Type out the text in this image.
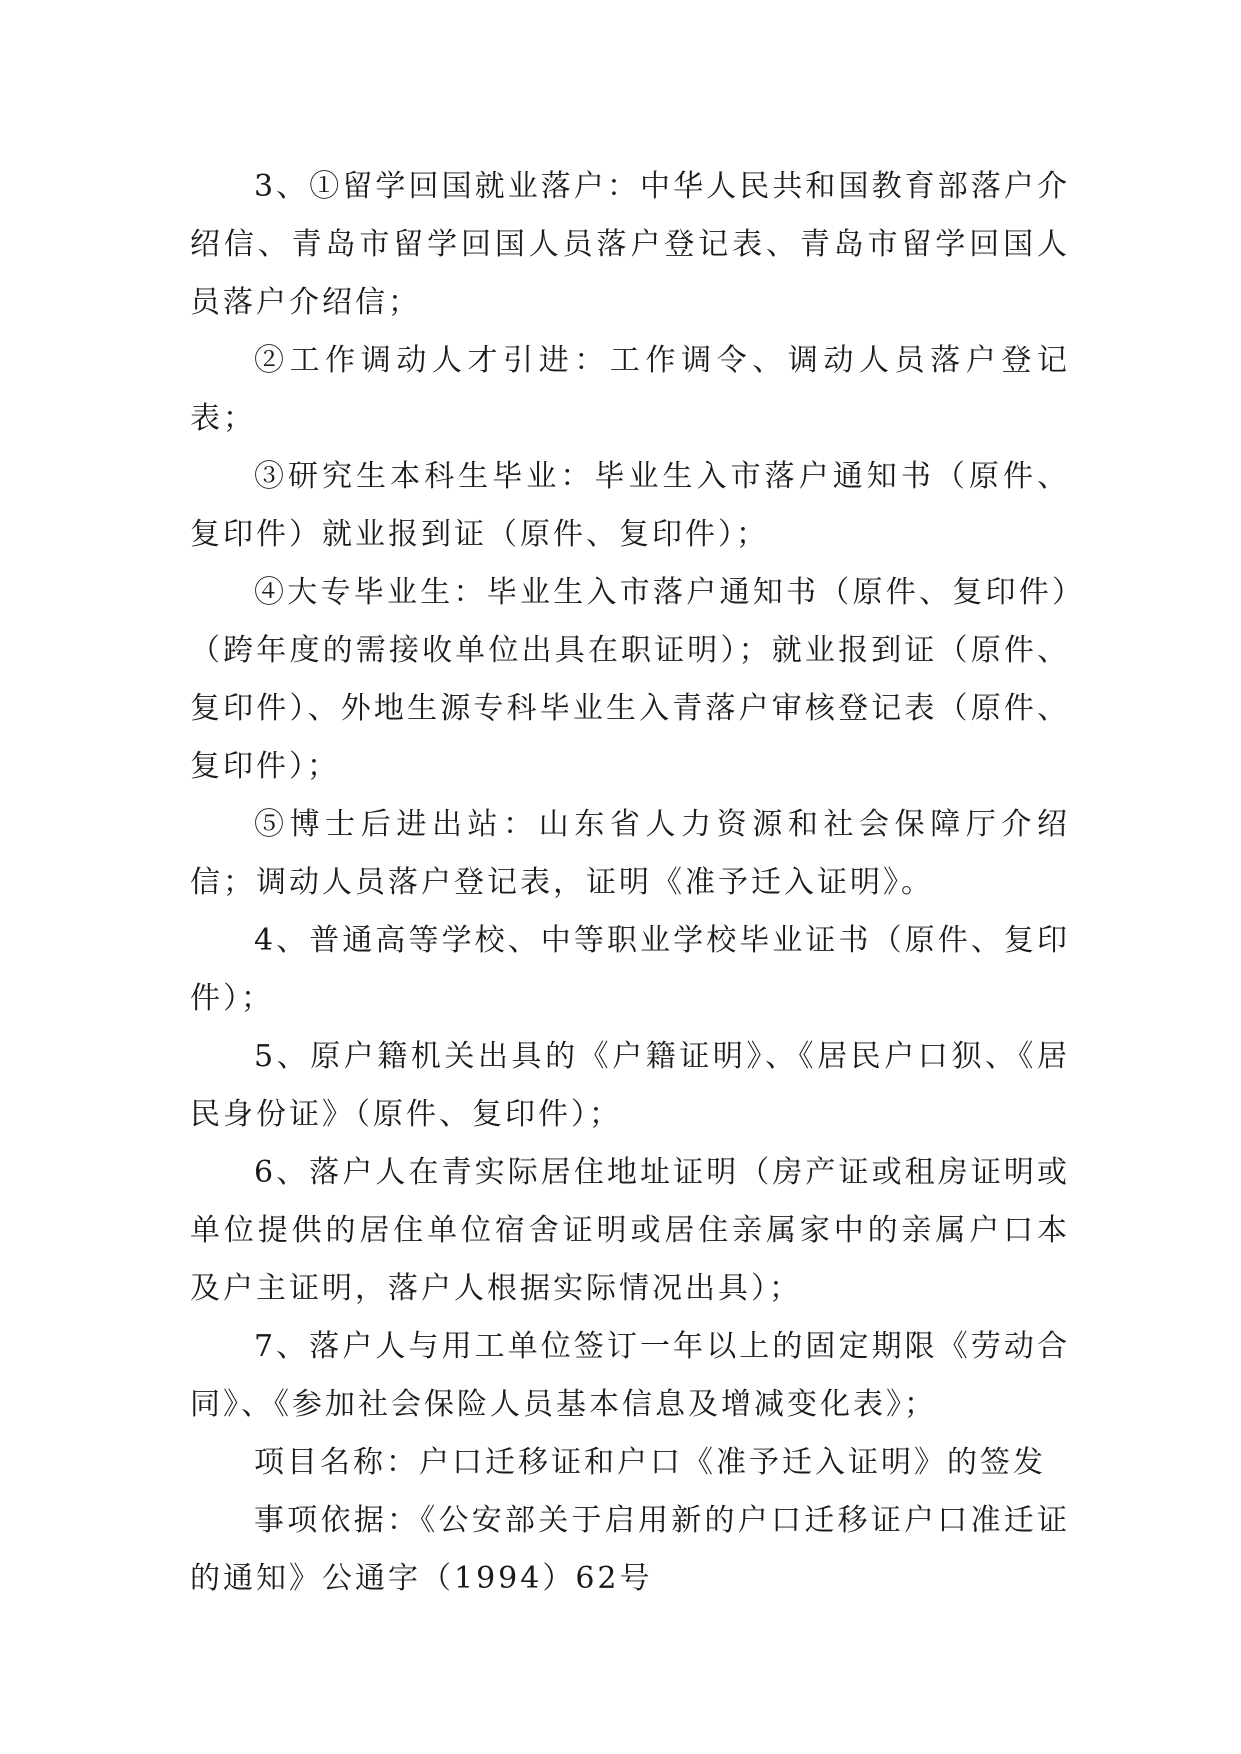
3、①留学回国就业落户：中华人民共和国教育部落户介绍信、青岛市留学回国人员落户登记表、青岛市留学回国人员落户介绍信；

②工作调动人才引进：工作调令、调动人员落户登记表；

③研究生本科生毕业：毕业生入市落户通知书（原件、复印件）就业报到证（原件、复印件）；

④大专毕业生：毕业生入市落户通知书（原件、复印件）（跨年度的需接收单位出具在职证明）；就业报到证（原件、复印件）、外地生源专科毕业生入青落户审核登记表（原件、复印件）；

⑤博士后进出站：山东省人力资源和社会保障厅介绍信；调动人员落户登记表，证明《准予迁入证明》。

4、普通高等学校、中等职业学校毕业证书（原件、复印件）；

5、原户籍机关出具的《户籍证明》、《居民户口狈、《居民身份证》（原件、复印件）；

6、落户人在青实际居住地址证明（房产证或租房证明或单位提供的居住单位宿舍证明或居住亲属家中的亲属户口本及户主证明，落户人根据实际情况出具）；

7、落户人与用工单位签订一年以上的固定期限《劳动合同》、《参加社会保险人员基本信息及增减变化表》；

项目名称：户口迁移证和户口《准予迁入证明》的签发

事项依据：《公安部关于启用新的户口迁移证户口准迁证的通知》公通字（1994）62号
